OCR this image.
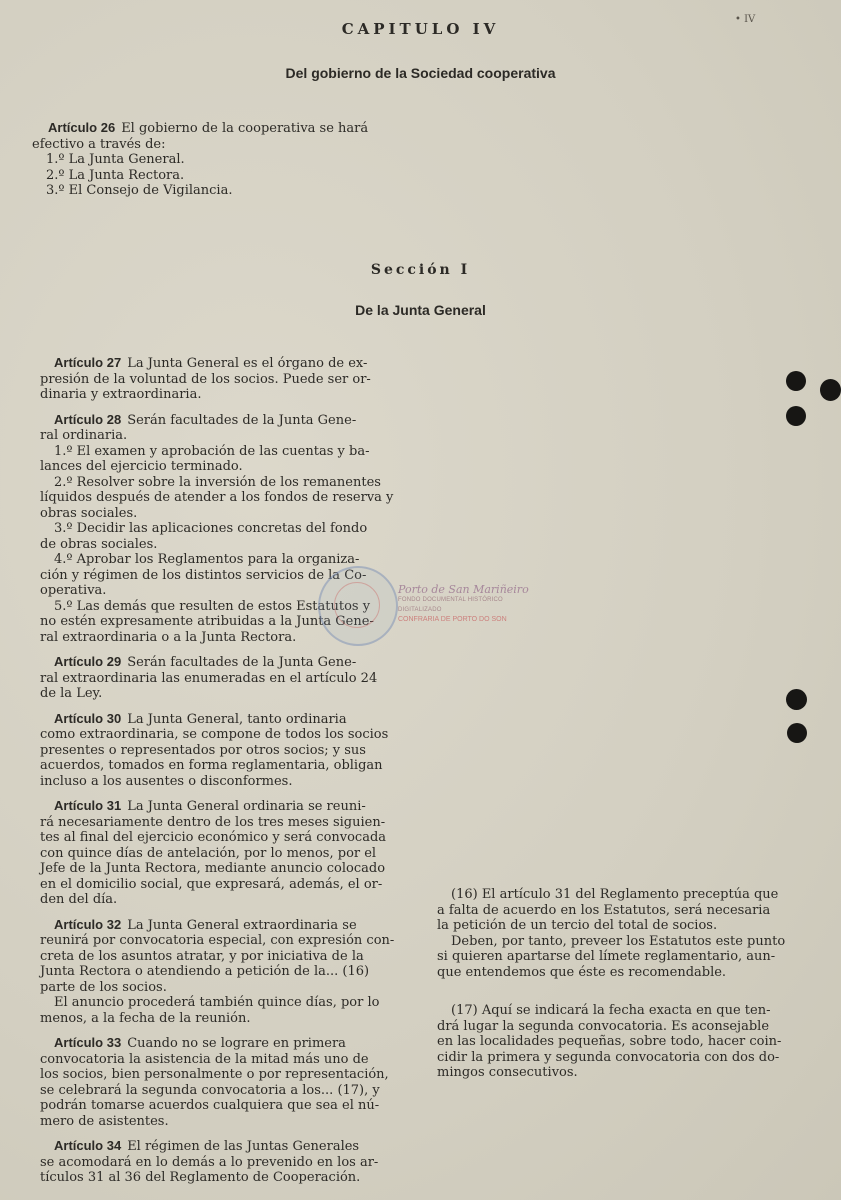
• IV
CAPITULO IV
Del gobierno de la Sociedad cooperativa
Artículo 26 El gobierno de la cooperativa se hará
efectivo a través de:
1.º La Junta General.
2.º La Junta Rectora.
3.º El Consejo de Vigilancia.
Sección I
De la Junta General
Artículo 27 La Junta General es el órgano de ex-
presión de la voluntad de los socios. Puede ser or-
dinaria y extraordinaria.
Artículo 28 Serán facultades de la Junta Gene-
ral ordinaria.
1.º El examen y aprobación de las cuentas y ba-
lances del ejercicio terminado.
2.º Resolver sobre la inversión de los remanentes
líquidos después de atender a los fondos de reserva y
obras sociales.
3.º Decidir las aplicaciones concretas del fondo
de obras sociales.
4.º Aprobar los Reglamentos para la organiza-
ción y régimen de los distintos servicios de la Co-
operativa.
5.º Las demás que resulten de estos Estatutos y
no estén expresamente atribuidas a la Junta Gene-
ral extraordinaria o a la Junta Rectora.
Artículo 29 Serán facultades de la Junta Gene-
ral extraordinaria las enumeradas en el artículo 24
de la Ley.
Artículo 30 La Junta General, tanto ordinaria
como extraordinaria, se compone de todos los socios
presentes o representados por otros socios; y sus
acuerdos, tomados en forma reglamentaria, obligan
incluso a los ausentes o disconformes.
Artículo 31 La Junta General ordinaria se reuni-
rá necesariamente dentro de los tres meses siguien-
tes al final del ejercicio económico y será convocada
con quince días de antelación, por lo menos, por el
Jefe de la Junta Rectora, mediante anuncio colocado
en el domicilio social, que expresará, además, el or-
den del día.
Artículo 32 La Junta General extraordinaria se
reunirá por convocatoria especial, con expresión con-
creta de los asuntos atratar, y por iniciativa de la
Junta Rectora o atendiendo a petición de la... (16)
parte de los socios.
El anuncio procederá también quince días, por lo
menos, a la fecha de la reunión.
Artículo 33 Cuando no se lograre en primera
convocatoria la asistencia de la mitad más uno de
los socios, bien personalmente o por representación,
se celebrará la segunda convocatoria a los... (17), y
podrán tomarse acuerdos cualquiera que sea el nú-
mero de asistentes.
Artículo 34 El régimen de las Juntas Generales
se acomodará en lo demás a lo prevenido en los ar-
tículos 31 al 36 del Reglamento de Cooperación.
(16) El artículo 31 del Reglamento preceptúa que
a falta de acuerdo en los Estatutos, será necesaria
la petición de un tercio del total de socios.
Deben, por tanto, preveer los Estatutos este punto
si quieren apartarse del límete reglamentario, aun-
que entendemos que éste es recomendable.
(17) Aquí se indicará la fecha exacta en que ten-
drá lugar la segunda convocatoria. Es aconsejable
en las localidades pequeñas, sobre todo, hacer coin-
cidir la primera y segunda convocatoria con dos do-
mingos consecutivos.
Porto de San Mariñeiro
FONDO DOCUMENTAL HISTÓRICO DIGITALIZADO
CONFRARIA DE PORTO DO SON
